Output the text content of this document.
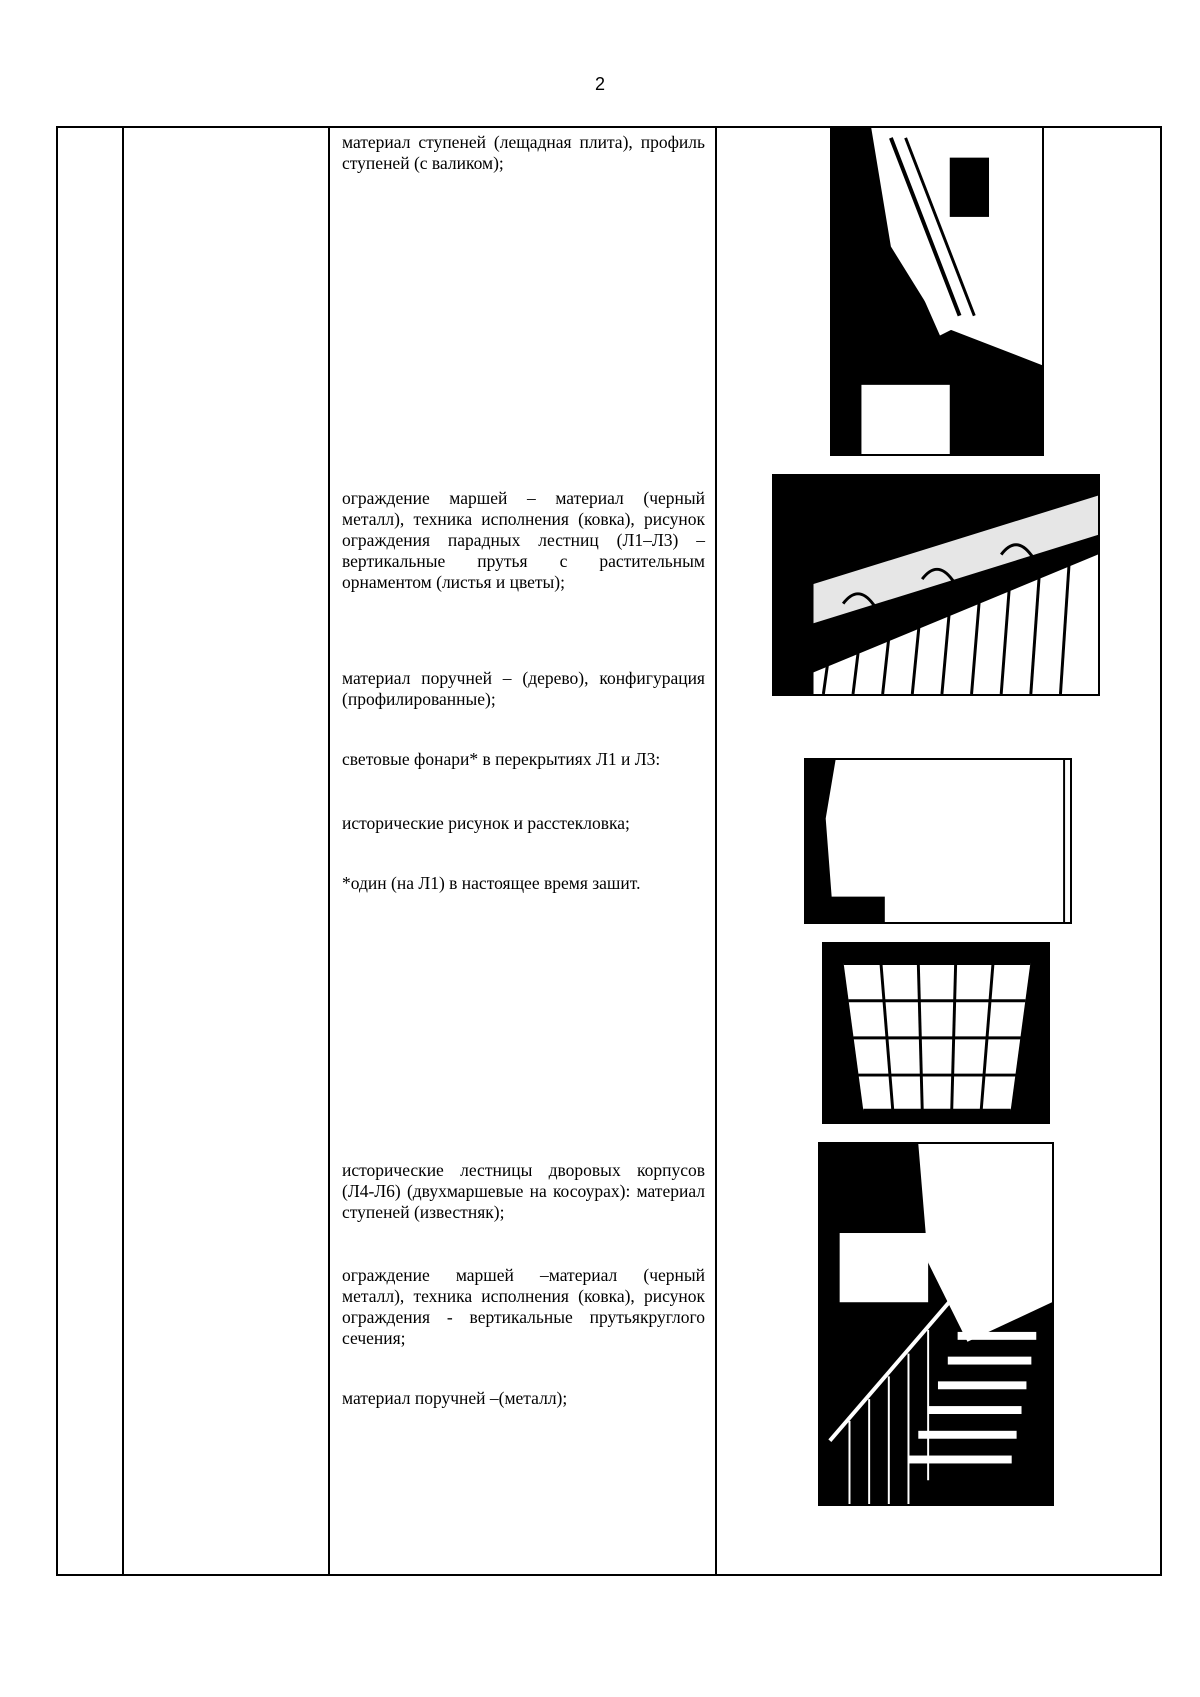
2

материал ступеней (лещадная плита), профиль ступеней (с валиком);

ограждение маршей – материал (черный металл), техника исполнения (ковка), рисунок ограждения парадных лестниц (Л1–Л3) – вертикальные прутья с растительным орнаментом (листья и цветы);

материал поручней – (дерево), конфигурация (профилированные);

световые фонари* в перекрытиях Л1 и Л3:

исторические рисунок и расстекловка;

*один (на Л1) в настоящее время зашит.

исторические лестницы дворовых корпусов (Л4-Л6) (двухмаршевые на косоурах): материал ступеней (известняк);

ограждение маршей –материал (черный металл), техника исполнения (ковка), рисунок ограждения - вертикальные прутьякруглого сечения;

материал поручней –(металл);
